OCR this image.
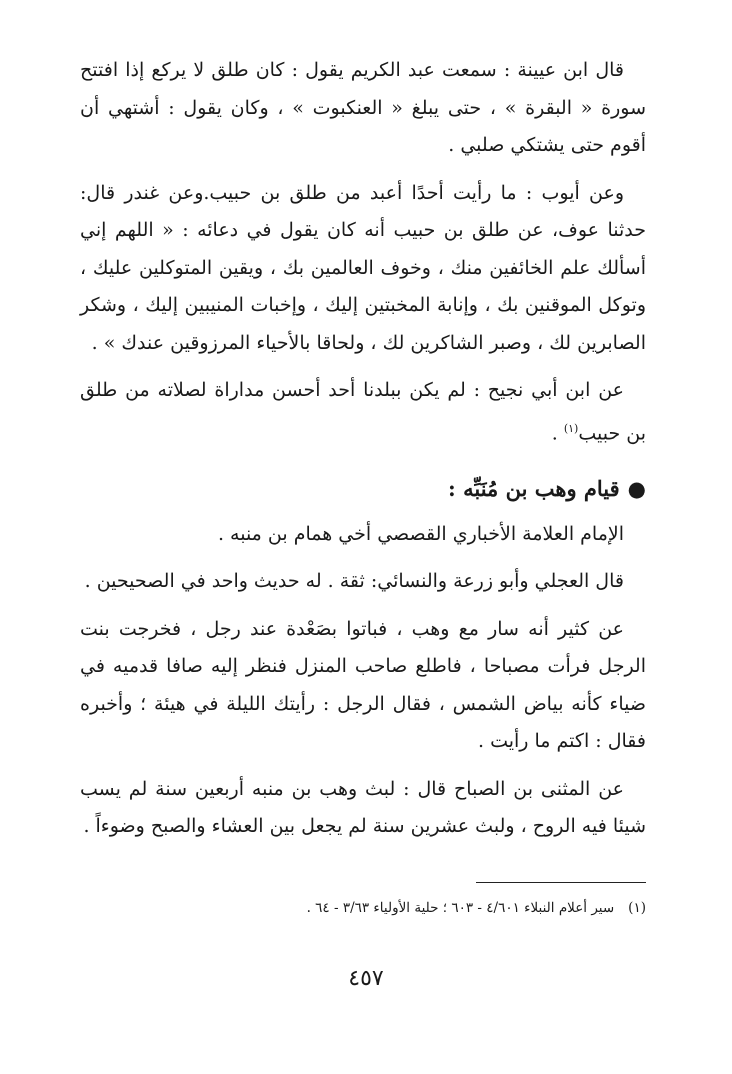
قال ابن عيينة : سمعت عبد الكريم يقول : كان طلق لا يركع إذا افتتح سورة « البقرة » ، حتى يبلغ « العنكبوت » ، وكان يقول : أشتهي أن أقوم حتى يشتكي صلبي .

وعن أيوب : ما رأيت أحدًا أعبد من طلق بن حبيب.وعن غندر قال: حدثنا عوف، عن طلق بن حبيب أنه كان يقول في دعائه : « اللهم إني أسألك علم الخائفين منك ، وخوف العالمين بك ، ويقين المتوكلين عليك ، وتوكل الموقنين بك ، وإنابة المخبتين إليك ، وإخبات المنيبين إليك ، وشكر الصابرين لك ، وصبر الشاكرين لك ، ولحاقا بالأحياء المرزوقين عندك » .

عن ابن أبي نجيح : لم يكن ببلدنا أحد أحسن مداراة لصلاته من طلق بن حبيب$^{(١)}$ .

●قيام وهب بن مُنَبِّه :

الإمام العلامة الأخباري القصصي أخي همام بن منبه .

قال العجلي وأبو زرعة والنسائي: ثقة . له حديث واحد في الصحيحين .

عن كثير أنه سار مع وهب ، فباتوا بصَعْدة عند رجل ، فخرجت بنت الرجل فرأت مصباحا ، فاطلع صاحب المنزل فنظر إليه صافا قدميه في ضياء كأنه بياض الشمس ، فقال الرجل : رأيتك الليلة في هيئة ؛ وأخبره فقال : اكتم ما رأيت .

عن المثنى بن الصباح قال : لبث وهب بن منبه أربعين سنة لم يسب شيئا فيه الروح ، ولبث عشرين سنة لم يجعل بين العشاء والصبح وضوءاً .

(١)سير أعلام النبلاء ٤/٦٠١ - ٦٠٣ ؛ حلية الأولياء ٣/٦٣ - ٦٤ .
٤٥٧
